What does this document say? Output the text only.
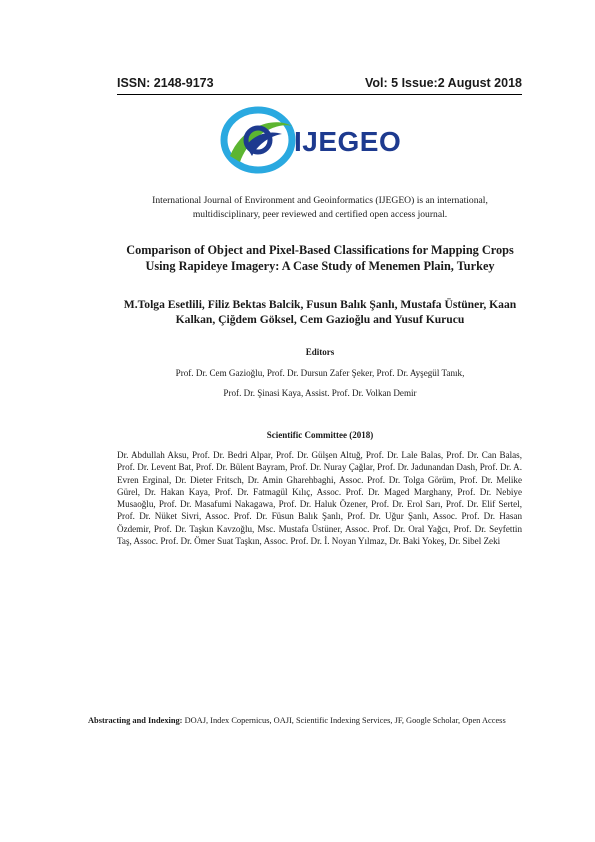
ISSN: 2148-9173	Vol: 5 Issue:2 August 2018
IJEGEO
International Journal of Environment and Geoinformatics (IJEGEO) is an international, multidisciplinary, peer reviewed and certified open access journal.
Comparison of Object and Pixel-Based Classifications for Mapping Crops Using Rapideye Imagery: A Case Study of Menemen Plain, Turkey
M.Tolga Esetlili, Filiz Bektas Balcik, Fusun Balık Şanlı, Mustafa Üstüner, Kaan Kalkan, Çiğdem Göksel, Cem Gazioğlu and Yusuf Kurucu
Editors
Prof. Dr. Cem Gazioğlu, Prof. Dr. Dursun Zafer Şeker, Prof. Dr. Ayşegül Tanık,
Prof. Dr. Şinasi Kaya, Assist. Prof. Dr. Volkan Demir
Scientific Committee (2018)
Dr. Abdullah Aksu, Prof. Dr. Bedri Alpar, Prof. Dr. Gülşen Altuğ, Prof. Dr. Lale Balas, Prof. Dr. Can Balas, Prof. Dr. Levent Bat, Prof. Dr. Bülent Bayram, Prof. Dr. Nuray Çağlar, Prof. Dr. Jadunandan Dash, Prof. Dr. A. Evren Erginal, Dr. Dieter Fritsch, Dr. Amin Gharehbaghi, Assoc. Prof. Dr. Tolga Görüm, Prof. Dr. Melike Gürel, Dr. Hakan Kaya, Prof. Dr. Fatmagül Kılıç, Assoc. Prof. Dr. Maged Marghany, Prof. Dr. Nebiye Musaoğlu, Prof. Dr. Masafumi Nakagawa, Prof. Dr. Haluk Özener, Prof. Dr. Erol Sarı, Prof. Dr. Elif Sertel, Prof. Dr. Nüket Sivri, Assoc. Prof. Dr. Füsun Balık Şanlı, Prof. Dr. Uğur Şanlı, Assoc. Prof. Dr. Hasan Özdemir, Prof. Dr. Taşkın Kavzoğlu, Msc. Mustafa Üstüner, Assoc. Prof. Dr. Oral Yağcı, Prof. Dr. Seyfettin Taş, Assoc. Prof. Dr. Ömer Suat Taşkın, Assoc. Prof. Dr. İ. Noyan Yılmaz, Dr. Baki Yokeş, Dr. Sibel Zeki
Abstracting and Indexing: DOAJ, Index Copernicus, OAJI, Scientific Indexing Services, JF, Google Scholar, Open Access
